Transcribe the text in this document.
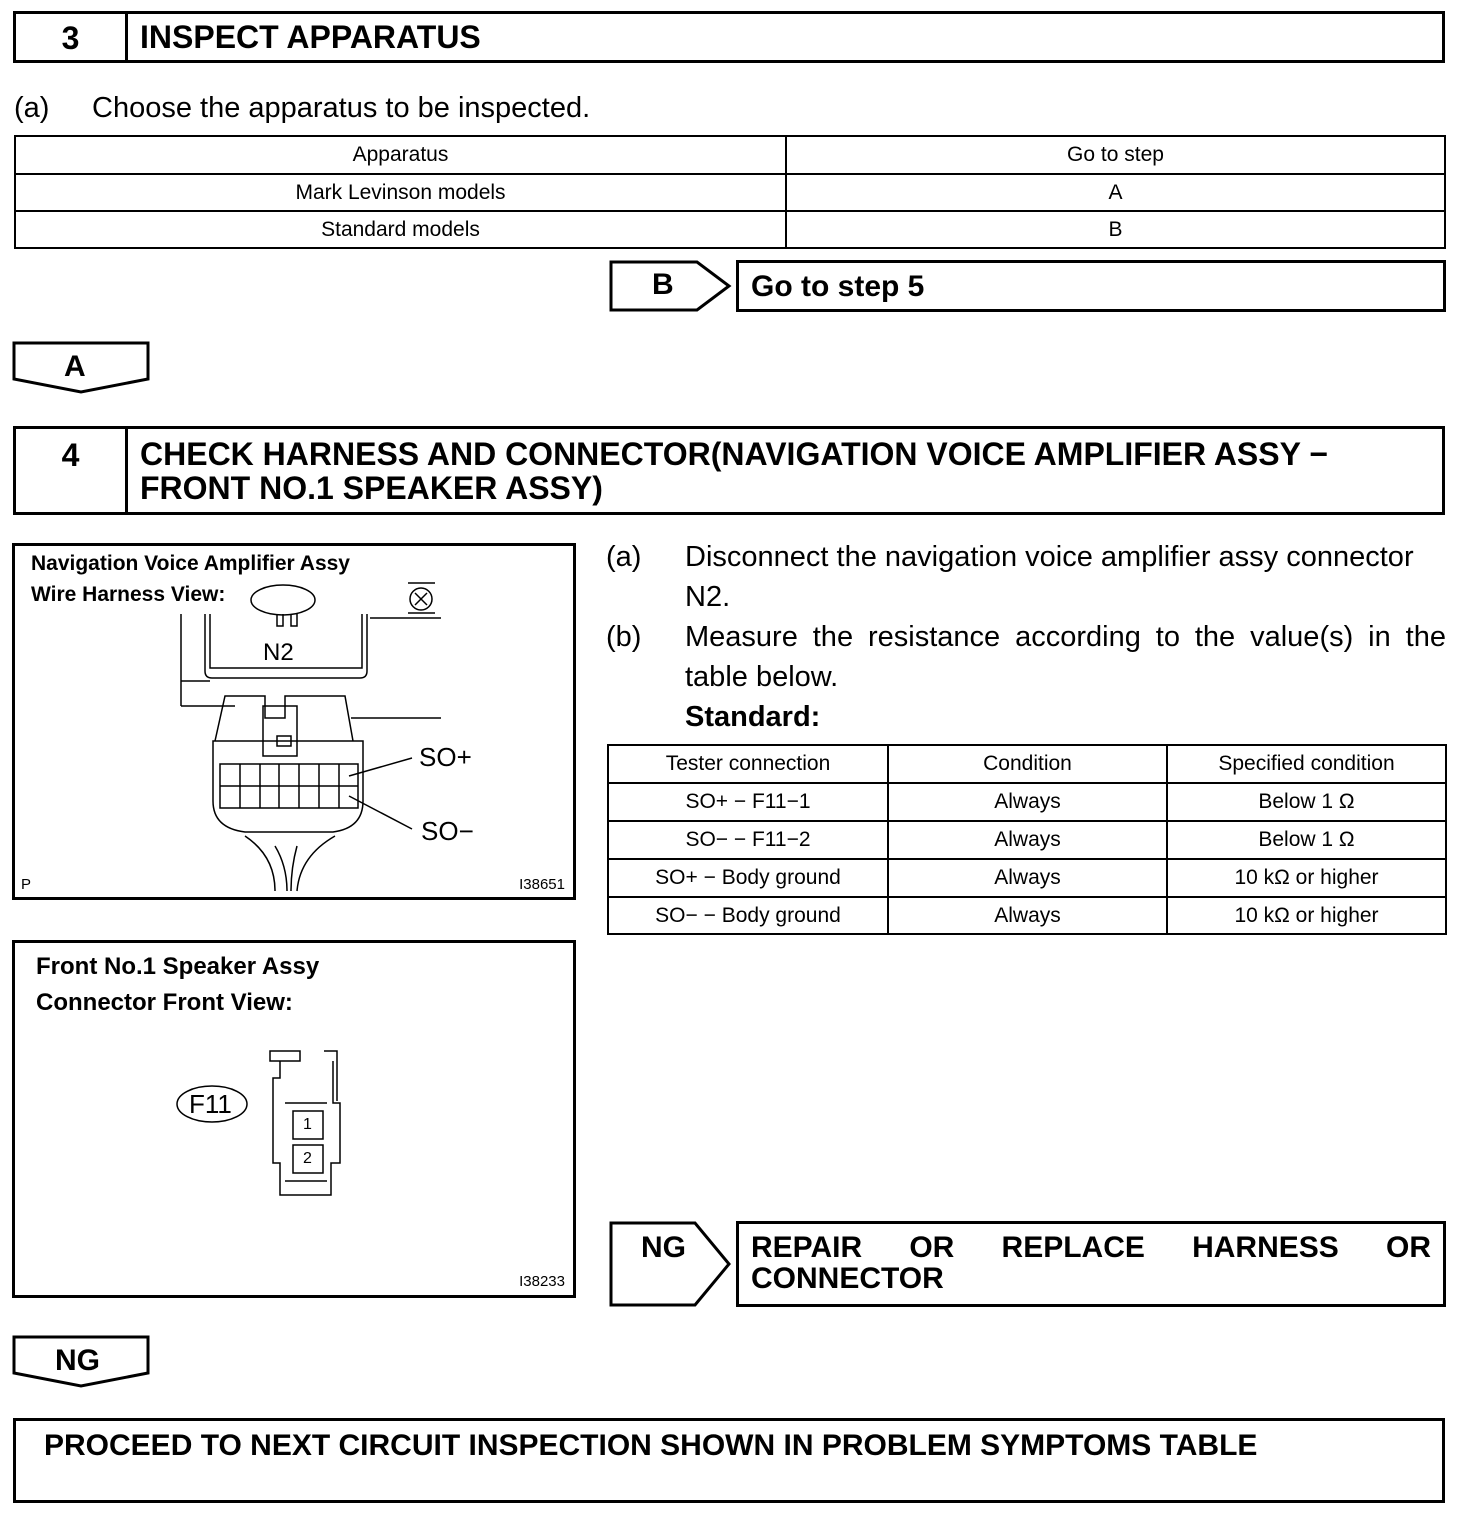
3	INSPECT APPARATUS
(a) Choose the apparatus to be inspected.
Apparatus	Go to step
Mark Levinson models	A
Standard models	B
B	Go to step 5
A
4	CHECK HARNESS AND CONNECTOR(NAVIGATION VOICE AMPLIFIER ASSY −
FRONT NO.1 SPEAKER ASSY)
Navigation Voice Amplifier Assy
Wire Harness View:
N2
SO+
SO−
P	I38651
Front No.1 Speaker Assy
Connector Front View:
F11
1
2
I38233
(a) Disconnect the navigation voice amplifier assy connector
N2.
(b) Measure the resistance according to the value(s) in the
table below.
Standard:
Tester connection	Condition	Specified condition
SO+ − F11−1	Always	Below 1 Ω
SO− − F11−2	Always	Below 1 Ω
SO+ − Body ground	Always	10 kΩ or higher
SO− − Body ground	Always	10 kΩ or higher
NG REPAIR OR REPLACE HARNESS OR
CONNECTOR
NG
PROCEED TO NEXT CIRCUIT INSPECTION SHOWN IN PROBLEM SYMPTOMS TABLE
